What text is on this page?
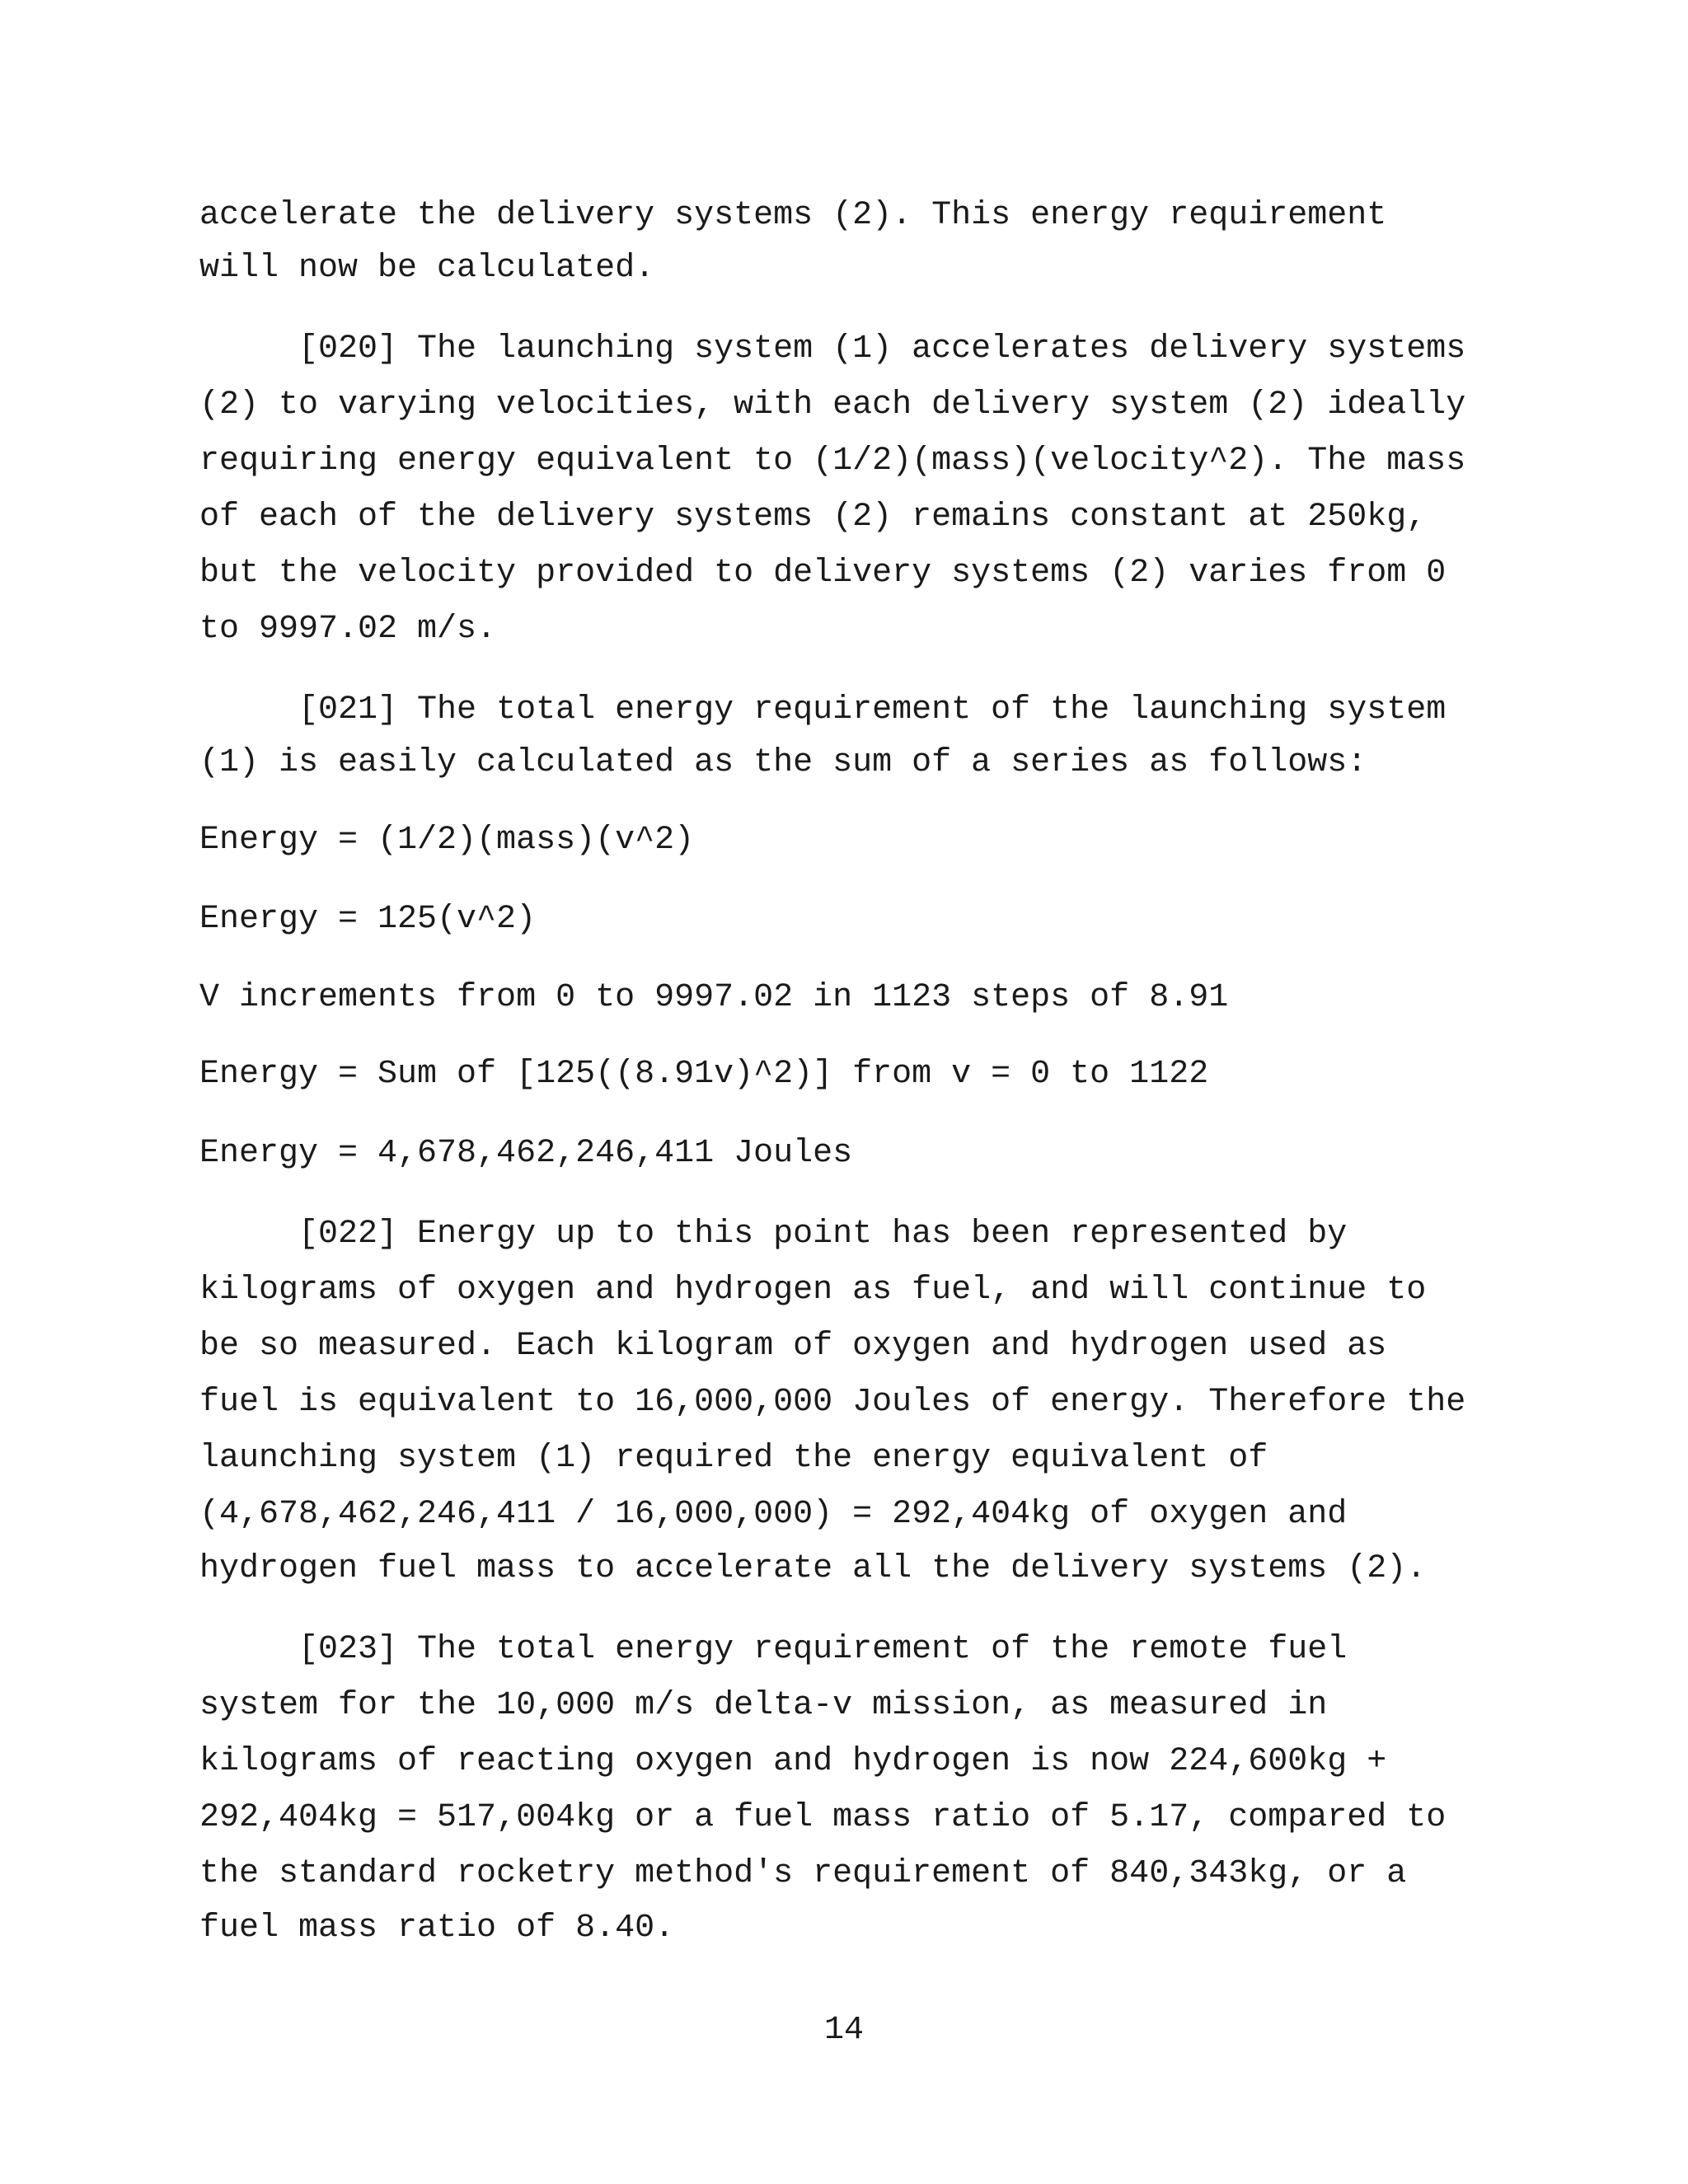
accelerate the delivery systems (2). This energy requirement
will now be calculated.
[020] The launching system (1) accelerates delivery systems
(2) to varying velocities, with each delivery system (2) ideally
requiring energy equivalent to (1/2)(mass)(velocity^2). The mass
of each of the delivery systems (2) remains constant at 250kg,
but the velocity provided to delivery systems (2) varies from 0
to 9997.02 m/s.
[021] The total energy requirement of the launching system
(1) is easily calculated as the sum of a series as follows:
Energy = (1/2)(mass)(v^2)
Energy = 125(v^2)
V increments from 0 to 9997.02 in 1123 steps of 8.91
Energy = Sum of [125((8.91v)^2)] from v = 0 to 1122
Energy = 4,678,462,246,411 Joules
[022] Energy up to this point has been represented by
kilograms of oxygen and hydrogen as fuel, and will continue to
be so measured. Each kilogram of oxygen and hydrogen used as
fuel is equivalent to 16,000,000 Joules of energy. Therefore the
launching system (1) required the energy equivalent of
(4,678,462,246,411 / 16,000,000) = 292,404kg of oxygen and
hydrogen fuel mass to accelerate all the delivery systems (2).
[023] The total energy requirement of the remote fuel
system for the 10,000 m/s delta-v mission, as measured in
kilograms of reacting oxygen and hydrogen is now 224,600kg +
292,404kg = 517,004kg or a fuel mass ratio of 5.17, compared to
the standard rocketry method's requirement of 840,343kg, or a
fuel mass ratio of 8.40.
14
